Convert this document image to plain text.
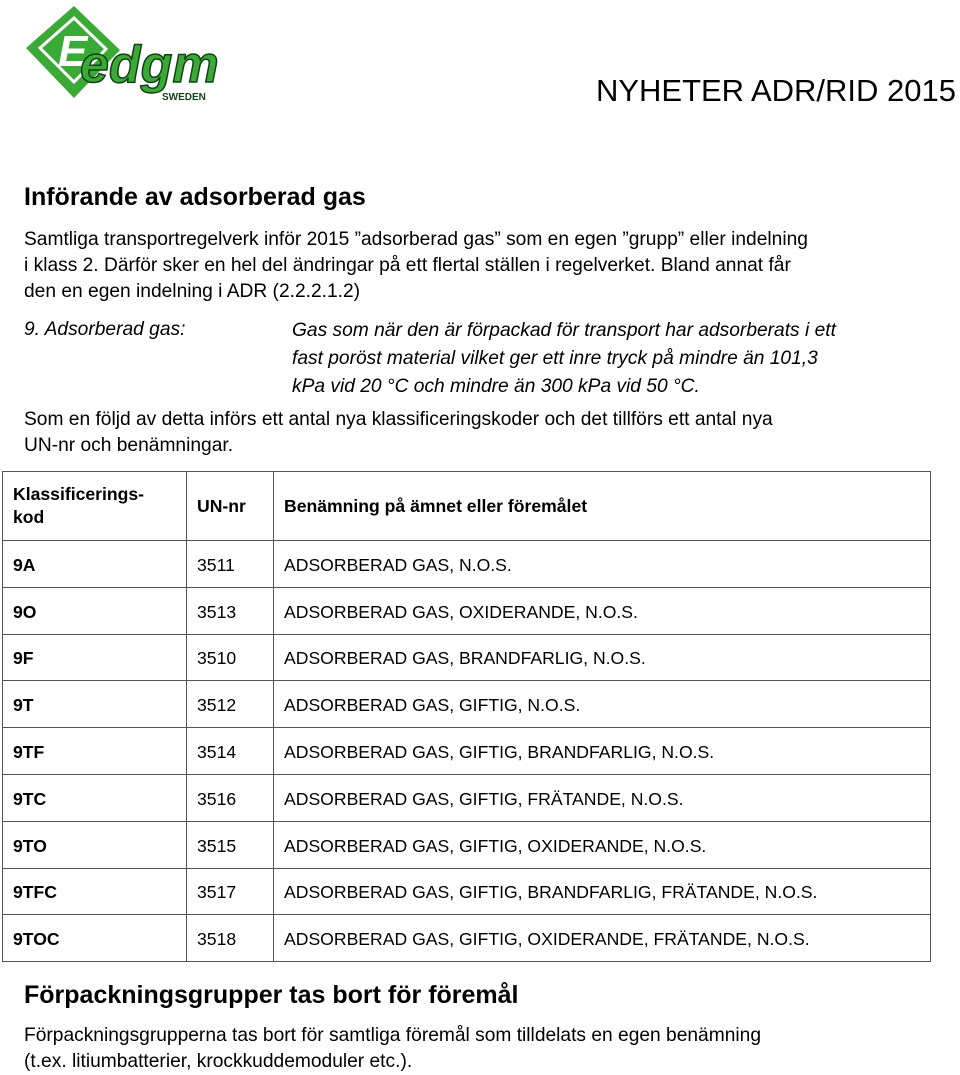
E
edgm
SWEDEN	NYHETER ADR/RID 2015
Införande av adsorberad gas
Samtliga transportregelverk inför 2015 ”adsorberad gas” som en egen ”grupp” eller indelning
i klass 2. Därför sker en hel del ändringar på ett flertal ställen i regelverket. Bland annat får
den en egen indelning i ADR (2.2.2.1.2)
9. Adsorberad gas:	Gas som när den är förpackad för transport har adsorberats i ett
fast poröst material vilket ger ett inre tryck på mindre än 101,3
kPa vid 20 °C och mindre än 300 kPa vid 50 °C.
Som en följd av detta införs ett antal nya klassificeringskoder och det tillförs ett antal nya
UN-nr och benämningar.
Klassificerings-
kod	UN-nr	Benämning på ämnet eller föremålet
9A	3511	ADSORBERAD GAS, N.O.S.
9O	3513	ADSORBERAD GAS, OXIDERANDE, N.O.S.
9F	3510	ADSORBERAD GAS, BRANDFARLIG, N.O.S.
9T	3512	ADSORBERAD GAS, GIFTIG, N.O.S.
9TF	3514	ADSORBERAD GAS, GIFTIG, BRANDFARLIG, N.O.S.
9TC	3516	ADSORBERAD GAS, GIFTIG, FRÄTANDE, N.O.S.
9TO	3515	ADSORBERAD GAS, GIFTIG, OXIDERANDE, N.O.S.
9TFC	3517	ADSORBERAD GAS, GIFTIG, BRANDFARLIG, FRÄTANDE, N.O.S.
9TOC	3518	ADSORBERAD GAS, GIFTIG, OXIDERANDE, FRÄTANDE, N.O.S.
Förpackningsgrupper tas bort för föremål
Förpackningsgrupperna tas bort för samtliga föremål som tilldelats en egen benämning
(t.ex. litiumbatterier, krockkuddemoduler etc.).
